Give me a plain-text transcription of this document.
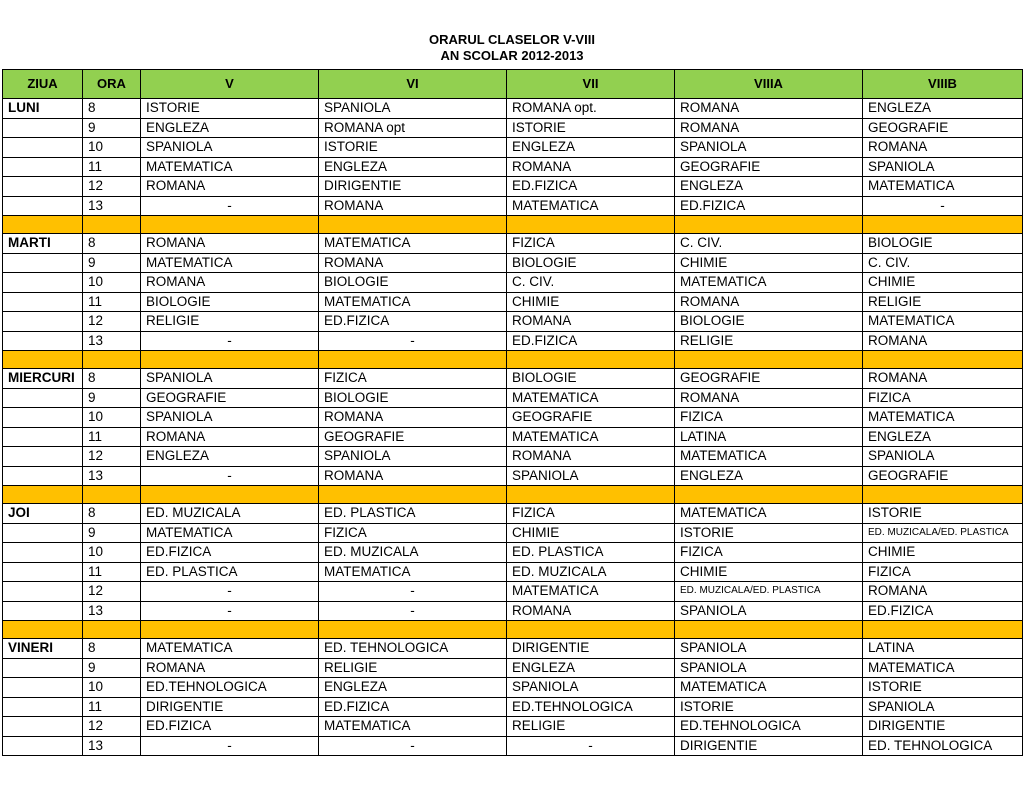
ORARUL CLASELOR V-VIII
AN SCOLAR 2012-2013
ZIUA	ORA	V	VI	VII	VIIIA	VIIIB
LUNI	8	ISTORIE	SPANIOLA	ROMANA opt.	ROMANA	ENGLEZA
	9	ENGLEZA	ROMANA opt	ISTORIE	ROMANA	GEOGRAFIE
	10	SPANIOLA	ISTORIE	ENGLEZA	SPANIOLA	ROMANA
	11	MATEMATICA	ENGLEZA	ROMANA	GEOGRAFIE	SPANIOLA
	12	ROMANA	DIRIGENTIE	ED.FIZICA	ENGLEZA	MATEMATICA
	13	-	ROMANA	MATEMATICA	ED.FIZICA	-

MARTI	8	ROMANA	MATEMATICA	FIZICA	C. CIV.	BIOLOGIE
	9	MATEMATICA	ROMANA	BIOLOGIE	CHIMIE	C. CIV.
	10	ROMANA	BIOLOGIE	C. CIV.	MATEMATICA	CHIMIE
	11	BIOLOGIE	MATEMATICA	CHIMIE	ROMANA	RELIGIE
	12	RELIGIE	ED.FIZICA	ROMANA	BIOLOGIE	MATEMATICA
	13	-	-	ED.FIZICA	RELIGIE	ROMANA

MIERCURI	8	SPANIOLA	FIZICA	BIOLOGIE	GEOGRAFIE	ROMANA
	9	GEOGRAFIE	BIOLOGIE	MATEMATICA	ROMANA	FIZICA
	10	SPANIOLA	ROMANA	GEOGRAFIE	FIZICA	MATEMATICA
	11	ROMANA	GEOGRAFIE	MATEMATICA	LATINA	ENGLEZA
	12	ENGLEZA	SPANIOLA	ROMANA	MATEMATICA	SPANIOLA
	13	-	ROMANA	SPANIOLA	ENGLEZA	GEOGRAFIE

JOI	8	ED. MUZICALA	ED. PLASTICA	FIZICA	MATEMATICA	ISTORIE
	9	MATEMATICA	FIZICA	CHIMIE	ISTORIE	ED. MUZICALA/ED. PLASTICA
	10	ED.FIZICA	ED. MUZICALA	ED. PLASTICA	FIZICA	CHIMIE
	11	ED. PLASTICA	MATEMATICA	ED. MUZICALA	CHIMIE	FIZICA
	12	-	-	MATEMATICA	ED. MUZICALA/ED. PLASTICA	ROMANA
	13	-	-	ROMANA	SPANIOLA	ED.FIZICA

VINERI	8	MATEMATICA	ED. TEHNOLOGICA	DIRIGENTIE	SPANIOLA	LATINA
	9	ROMANA	RELIGIE	ENGLEZA	SPANIOLA	MATEMATICA
	10	ED.TEHNOLOGICA	ENGLEZA	SPANIOLA	MATEMATICA	ISTORIE
	11	DIRIGENTIE	ED.FIZICA	ED.TEHNOLOGICA	ISTORIE	SPANIOLA
	12	ED.FIZICA	MATEMATICA	RELIGIE	ED.TEHNOLOGICA	DIRIGENTIE
	13	-	-	-	DIRIGENTIE	ED. TEHNOLOGICA
